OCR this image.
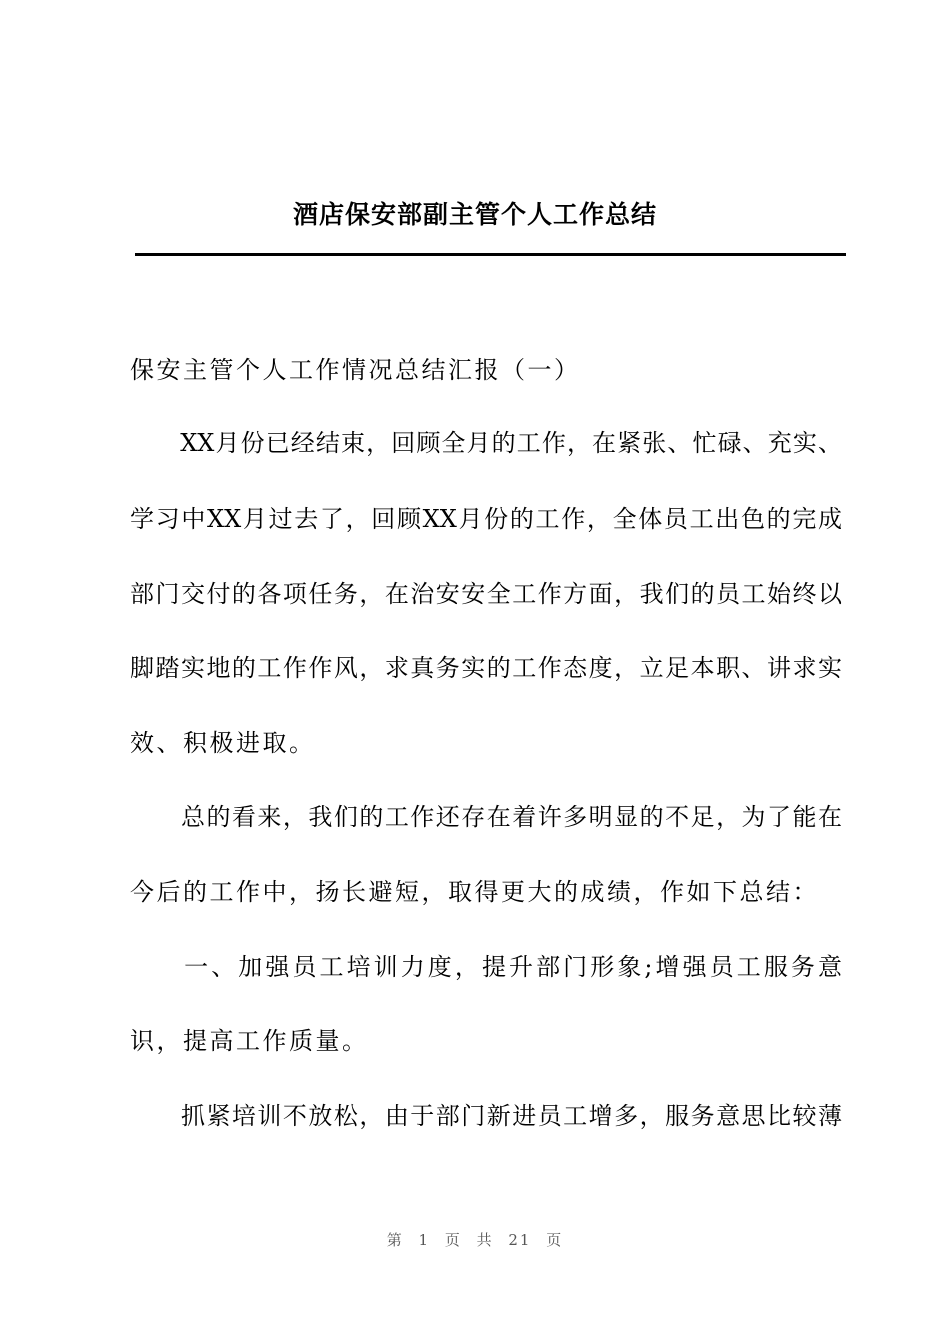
酒店保安部副主管个人工作总结
保安主管个人工作情况总结汇报（一）
　　XX月份已经结束，回顾全月的工作，在紧张、忙碌、充实、
学习中XX月过去了，回顾XX月份的工作，全体员工出色的完成
部门交付的各项任务，在治安安全工作方面，我们的员工始终以
脚踏实地的工作作风，求真务实的工作态度，立足本职、讲求实
效、积极进取。
　　总的看来，我们的工作还存在着许多明显的不足，为了能在
今后的工作中，扬长避短，取得更大的成绩，作如下总结：
　　一、加强员工培训力度，提升部门形象;增强员工服务意
识，提高工作质量。
　　抓紧培训不放松，由于部门新进员工增多，服务意思比较薄
第 1 页 共 21 页
